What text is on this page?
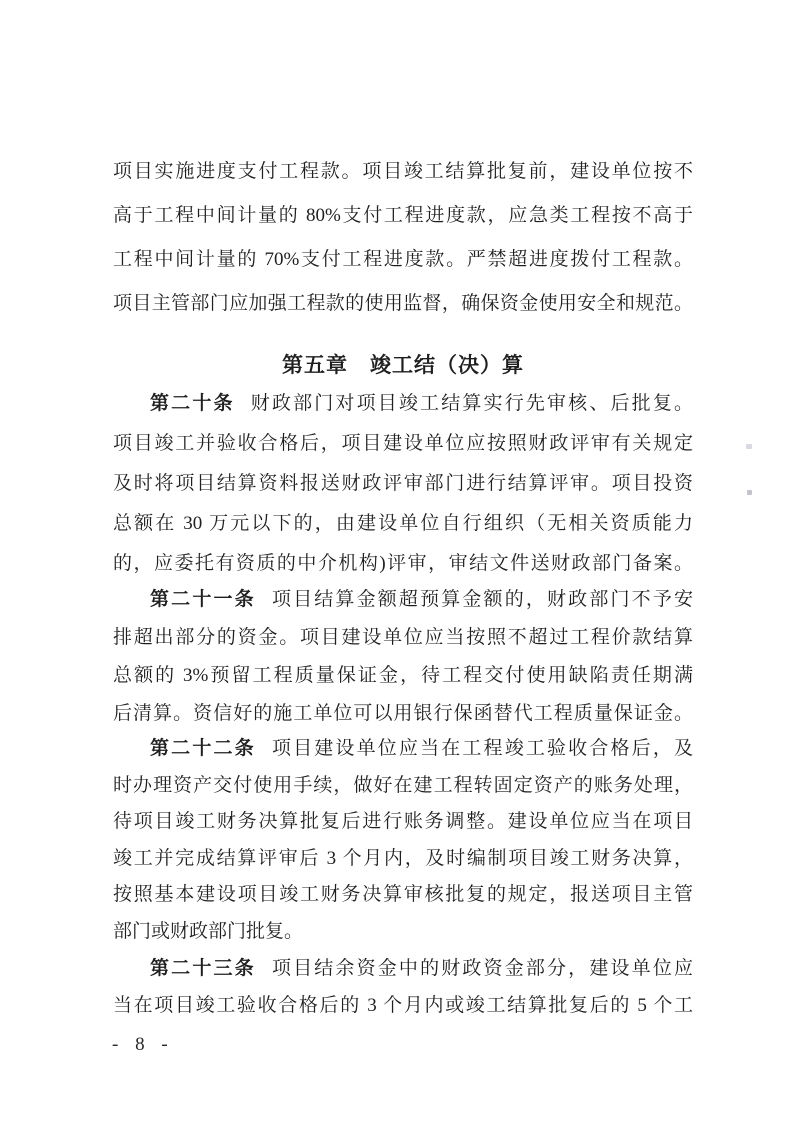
项目实施进度支付工程款。项目竣工结算批复前，建设单位按不
高于工程中间计量的 80%支付工程进度款，应急类工程按不高于
工程中间计量的 70%支付工程进度款。严禁超进度拨付工程款。
项目主管部门应加强工程款的使用监督，确保资金使用安全和规范。
第五章　竣工结（决）算
第二十条 财政部门对项目竣工结算实行先审核、后批复。
项目竣工并验收合格后，项目建设单位应按照财政评审有关规定
及时将项目结算资料报送财政评审部门进行结算评审。项目投资
总额在 30 万元以下的，由建设单位自行组织（无相关资质能力
的，应委托有资质的中介机构)评审，审结文件送财政部门备案。
第二十一条 项目结算金额超预算金额的，财政部门不予安
排超出部分的资金。项目建设单位应当按照不超过工程价款结算
总额的 3%预留工程质量保证金，待工程交付使用缺陷责任期满
后清算。资信好的施工单位可以用银行保函替代工程质量保证金。
第二十二条 项目建设单位应当在工程竣工验收合格后，及
时办理资产交付使用手续，做好在建工程转固定资产的账务处理，
待项目竣工财务决算批复后进行账务调整。建设单位应当在项目
竣工并完成结算评审后 3 个月内，及时编制项目竣工财务决算，
按照基本建设项目竣工财务决算审核批复的规定，报送项目主管
部门或财政部门批复。
第二十三条 项目结余资金中的财政资金部分，建设单位应
当在项目竣工验收合格后的 3 个月内或竣工结算批复后的 5 个工
- 8 -
